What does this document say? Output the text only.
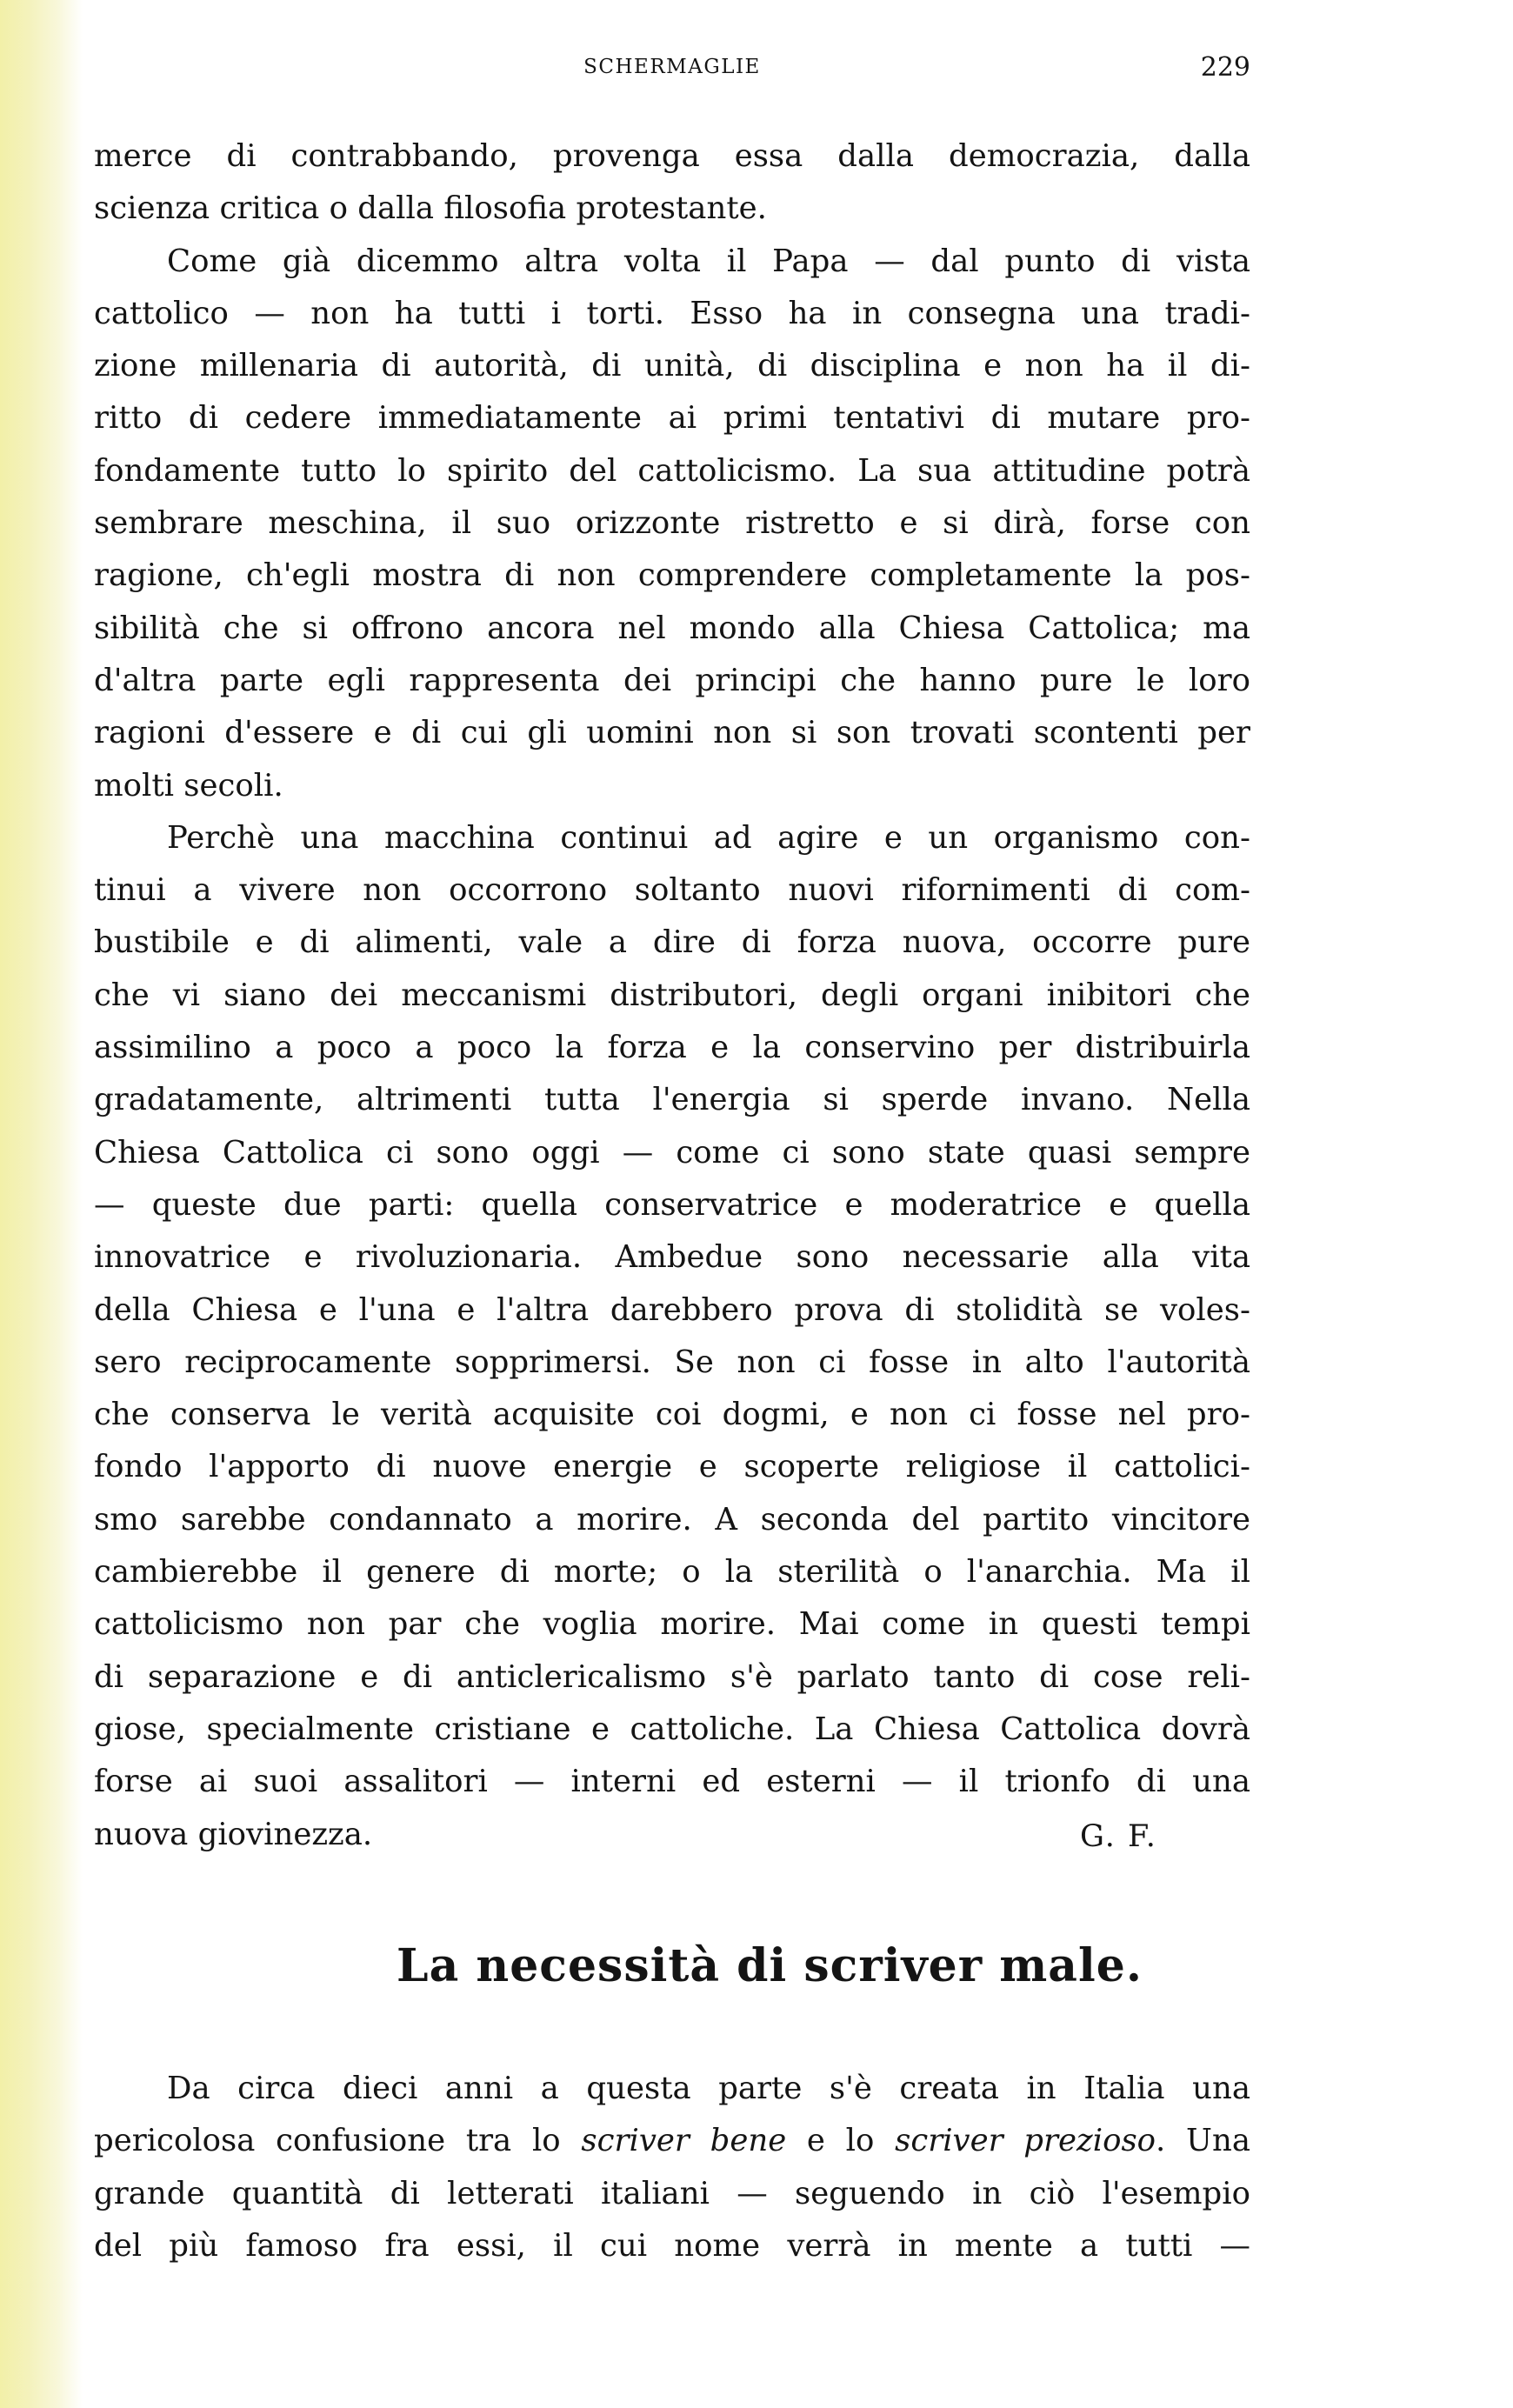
SCHERMAGLIE	229
merce di contrabbando, provenga essa dalla democrazia, dalla
scienza critica o dalla filosofia protestante.
Come già dicemmo altra volta il Papa — dal punto di vista
cattolico — non ha tutti i torti. Esso ha in consegna una tradi-
zione millenaria di autorità, di unità, di disciplina e non ha il di-
ritto di cedere immediatamente ai primi tentativi di mutare pro-
fondamente tutto lo spirito del cattolicismo. La sua attitudine potrà
sembrare meschina, il suo orizzonte ristretto e si dirà, forse con
ragione, ch'egli mostra di non comprendere completamente la pos-
sibilità che si offrono ancora nel mondo alla Chiesa Cattolica; ma
d'altra parte egli rappresenta dei principi che hanno pure le loro
ragioni d'essere e di cui gli uomini non si son trovati scontenti per
molti secoli.
Perchè una macchina continui ad agire e un organismo con-
tinui a vivere non occorrono soltanto nuovi rifornimenti di com-
bustibile e di alimenti, vale a dire di forza nuova, occorre pure
che vi siano dei meccanismi distributori, degli organi inibitori che
assimilino a poco a poco la forza e la conservino per distribuirla
gradatamente, altrimenti tutta l'energia si sperde invano. Nella
Chiesa Cattolica ci sono oggi — come ci sono state quasi sempre
— queste due parti: quella conservatrice e moderatrice e quella
innovatrice e rivoluzionaria. Ambedue sono necessarie alla vita
della Chiesa e l'una e l'altra darebbero prova di stolidità se voles-
sero reciprocamente sopprimersi. Se non ci fosse in alto l'autorità
che conserva le verità acquisite coi dogmi, e non ci fosse nel pro-
fondo l'apporto di nuove energie e scoperte religiose il cattolici-
smo sarebbe condannato a morire. A seconda del partito vincitore
cambierebbe il genere di morte; o la sterilità o l'anarchia. Ma il
cattolicismo non par che voglia morire. Mai come in questi tempi
di separazione e di anticlericalismo s'è parlato tanto di cose reli-
giose, specialmente cristiane e cattoliche. La Chiesa Cattolica dovrà
forse ai suoi assalitori — interni ed esterni — il trionfo di una
nuova giovinezza.	G. F.
La necessità di scriver male.
Da circa dieci anni a questa parte s'è creata in Italia una
pericolosa confusione tra lo scriver bene e lo scriver prezioso. Una
grande quantità di letterati italiani — seguendo in ciò l'esempio
del più famoso fra essi, il cui nome verrà in mente a tutti —
